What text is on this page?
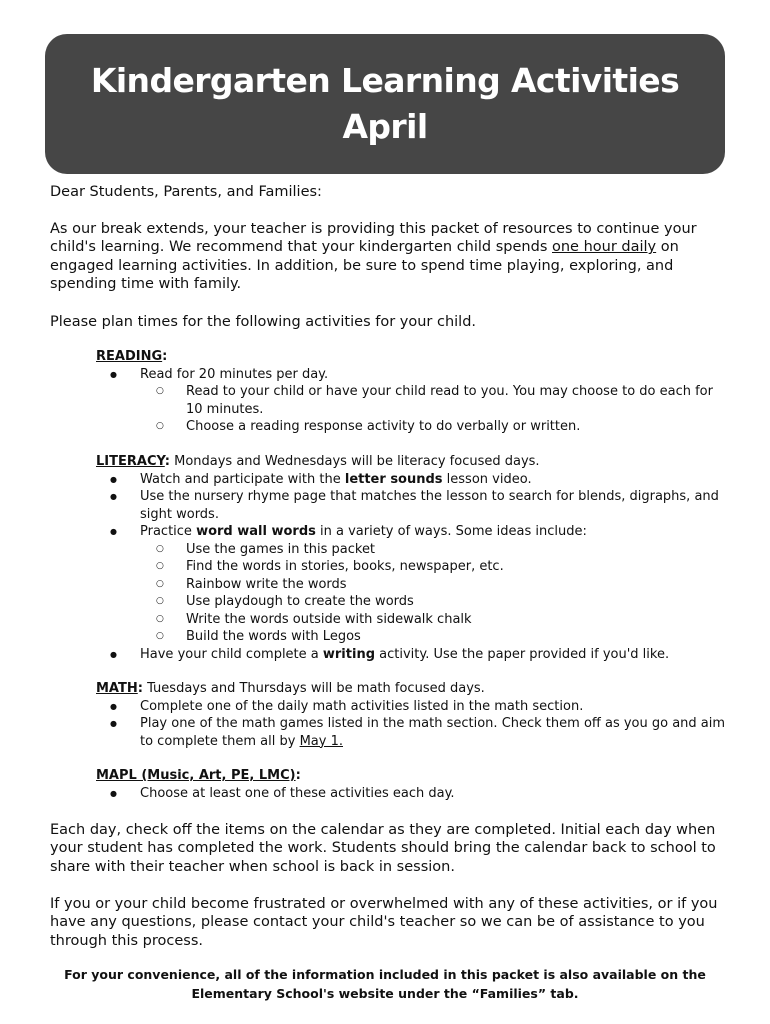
Kindergarten Learning Activities
April

Dear Students, Parents, and Families:

As our break extends, your teacher is providing this packet of resources to continue your child's learning. We recommend that your kindergarten child spends one hour daily on engaged learning activities. In addition, be sure to spend time playing, exploring, and spending time with family.

Please plan times for the following activities for your child.

READING:
● Read for 20 minutes per day.
○ Read to your child or have your child read to you. You may choose to do each for 10 minutes.
○ Choose a reading response activity to do verbally or written.
LITERACY: Mondays and Wednesdays will be literacy focused days.
● Watch and participate with the letter sounds lesson video.
● Use the nursery rhyme page that matches the lesson to search for blends, digraphs, and sight words.
● Practice word wall words in a variety of ways. Some ideas include:
○ Use the games in this packet
○ Find the words in stories, books, newspaper, etc.
○ Rainbow write the words
○ Use playdough to create the words
○ Write the words outside with sidewalk chalk
○ Build the words with Legos
● Have your child complete a writing activity. Use the paper provided if you'd like.
MATH: Tuesdays and Thursdays will be math focused days.
● Complete one of the daily math activities listed in the math section.
● Play one of the math games listed in the math section. Check them off as you go and aim to complete them all by May 1.
MAPL (Music, Art, PE, LMC):
● Choose at least one of these activities each day.

Each day, check off the items on the calendar as they are completed. Initial each day when your student has completed the work. Students should bring the calendar back to school to share with their teacher when school is back in session.

If you or your child become frustrated or overwhelmed with any of these activities, or if you have any questions, please contact your child's teacher so we can be of assistance to you through this process.

For your convenience, all of the information included in this packet is also available on the
Elementary School's website under the “Families” tab.
